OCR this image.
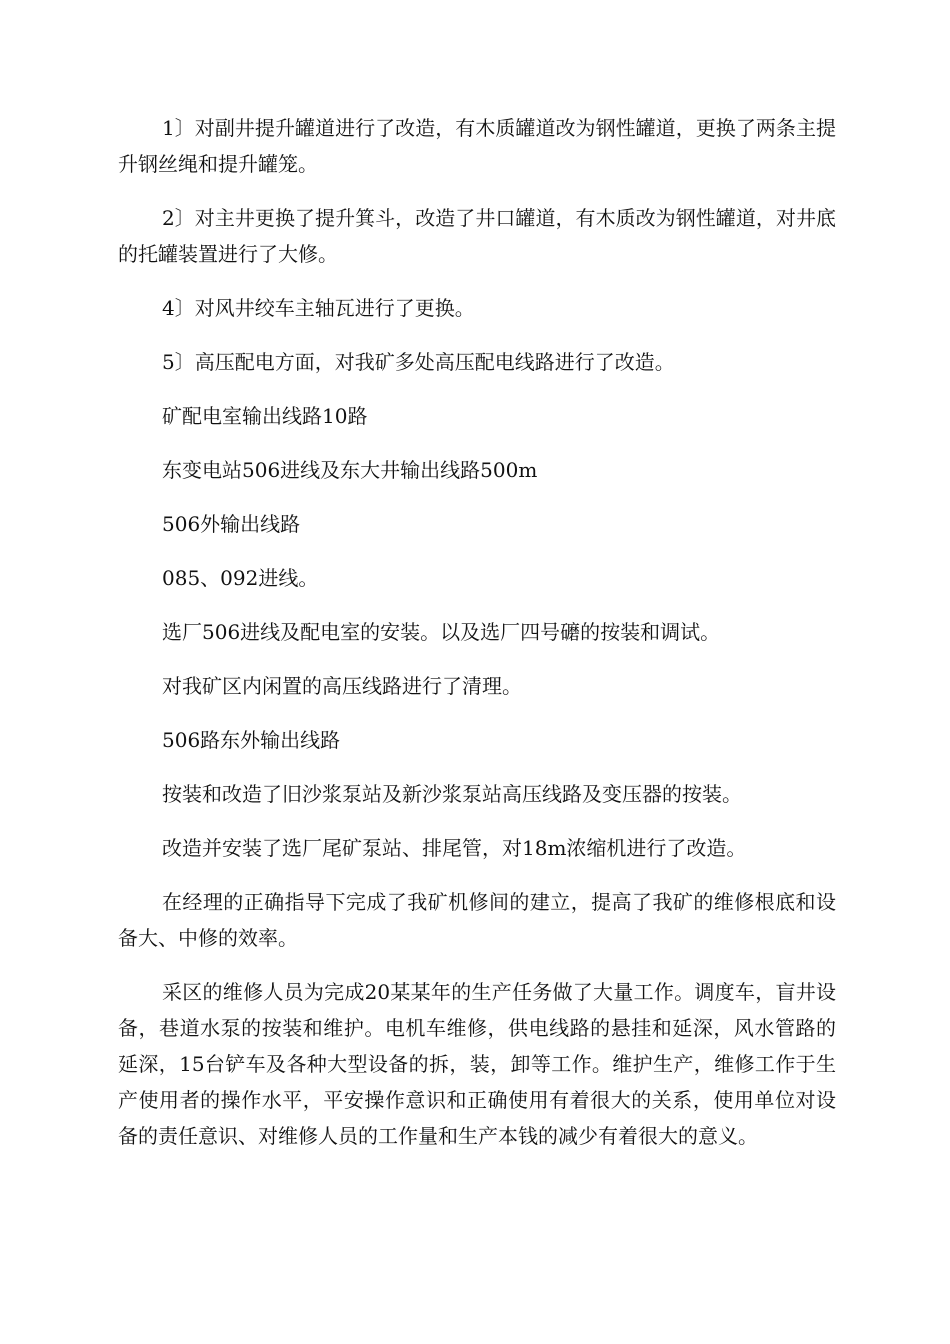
1〕对副井提升罐道进行了改造，有木质罐道改为钢性罐道，更换了两条主提升钢丝绳和提升罐笼。

2〕对主井更换了提升箕斗，改造了井口罐道，有木质改为钢性罐道，对井底的托罐装置进行了大修。

4〕对风井绞车主轴瓦进行了更换。

5〕高压配电方面，对我矿多处高压配电线路进行了改造。

矿配电室输出线路10路

东变电站506进线及东大井输出线路500m

506外输出线路

085、092进线。

选厂506进线及配电室的安装。以及选厂四号礳的按装和调试。

对我矿区内闲置的高压线路进行了清理。

506路东外输出线路

按装和改造了旧沙浆泵站及新沙浆泵站高压线路及变压器的按装。

改造并安装了选厂尾矿泵站、排尾管，对18m浓缩机进行了改造。

在经理的正确指导下完成了我矿机修间的建立，提高了我矿的维修根底和设备大、中修的效率。

采区的维修人员为完成20某某年的生产任务做了大量工作。调度车，盲井设备，巷道水泵的按装和维护。电机车维修，供电线路的悬挂和延深，风水管路的延深，15台铲车及各种大型设备的拆，装，卸等工作。维护生产，维修工作于生产使用者的操作水平，平安操作意识和正确使用有着很大的关系，使用单位对设备的责任意识、对维修人员的工作量和生产本钱的减少有着很大的意义。
